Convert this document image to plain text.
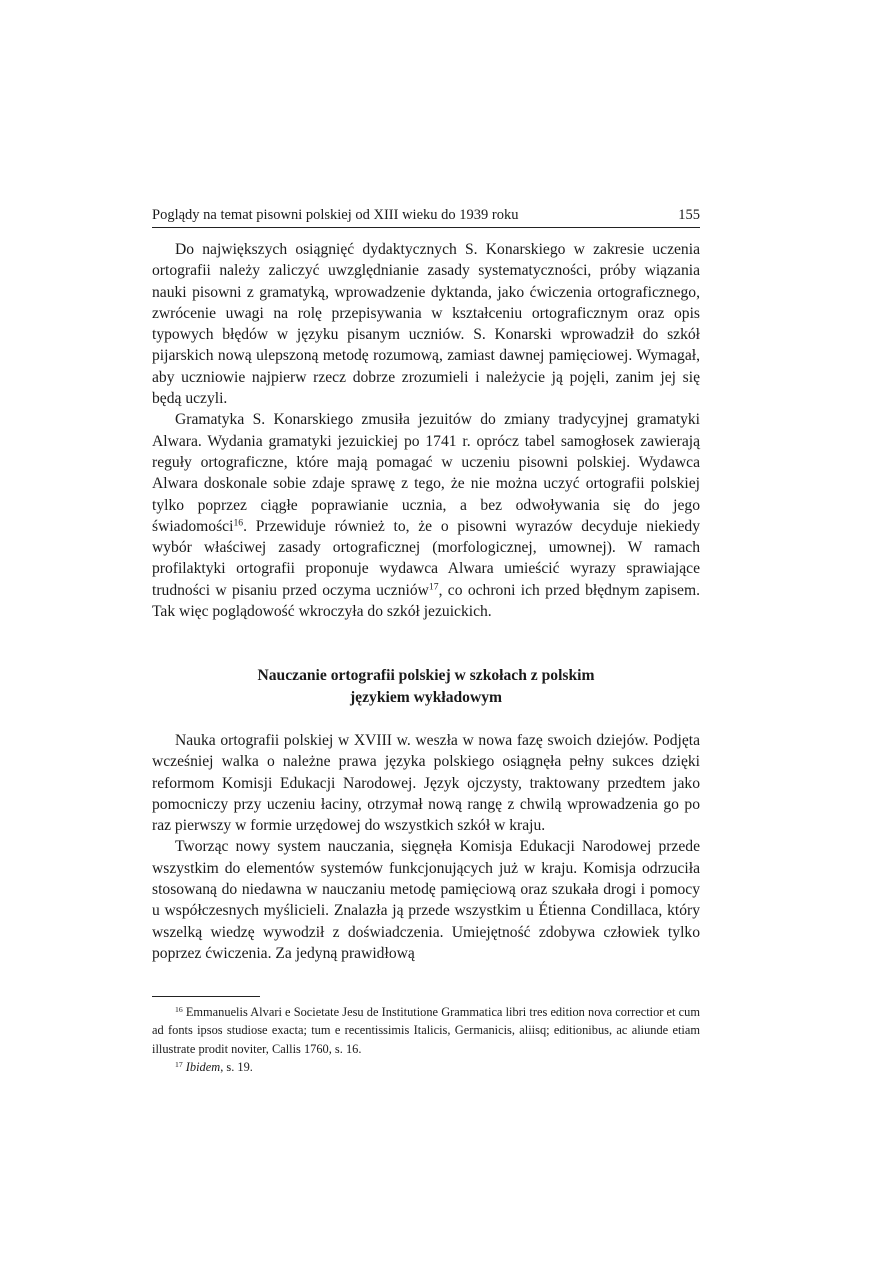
Poglądy na temat pisowni polskiej od XIII wieku do 1939 roku	155

Do największych osiągnięć dydaktycznych S. Konarskiego w zakresie uczenia ortografii należy zaliczyć uwzględnianie zasady systematyczności, próby wiązania nauki pisowni z gramatyką, wprowadzenie dyktanda, jako ćwiczenia ortograficznego, zwrócenie uwagi na rolę przepisywania w kształceniu ortograficznym oraz opis typowych błędów w języku pisanym uczniów. S. Konarski wprowadził do szkół pijarskich nową ulepszoną metodę rozumową, zamiast dawnej pamięciowej. Wymagał, aby uczniowie najpierw rzecz dobrze zrozumieli i należycie ją pojęli, zanim jej się będą uczyli.

Gramatyka S. Konarskiego zmusiła jezuitów do zmiany tradycyjnej gramatyki Alwara. Wydania gramatyki jezuickiej po 1741 r. oprócz tabel samogłosek zawierają reguły ortograficzne, które mają pomagać w uczeniu pisowni polskiej. Wydawca Alwara doskonale sobie zdaje sprawę z tego, że nie można uczyć ortografii polskiej tylko poprzez ciągłe poprawianie ucznia, a bez odwoływania się do jego świadomości$^{16}$. Przewiduje również to, że o pisowni wyrazów decyduje niekiedy wybór właściwej zasady ortograficznej (morfologicznej, umownej). W ramach profilaktyki ortografii proponuje wydawca Alwara umieścić wyrazy sprawiające trudności w pisaniu przed oczyma uczniów$^{17}$, co ochroni ich przed błędnym zapisem. Tak więc poglądowość wkroczyła do szkół jezuickich.

Nauczanie ortografii polskiej w szkołach z polskim
językiem wykładowym

Nauka ortografii polskiej w XVIII w. weszła w nowa fazę swoich dziejów. Podjęta wcześniej walka o należne prawa języka polskiego osiągnęła pełny sukces dzięki reformom Komisji Edukacji Narodowej. Język ojczysty, traktowany przedtem jako pomocniczy przy uczeniu łaciny, otrzymał nową rangę z chwilą wprowadzenia go po raz pierwszy w formie urzędowej do wszystkich szkół w kraju.

Tworząc nowy system nauczania, sięgnęła Komisja Edukacji Narodowej przede wszystkim do elementów systemów funkcjonujących już w kraju. Komisja odrzuciła stosowaną do niedawna w nauczaniu metodę pamięciową oraz szukała drogi i pomocy u współczesnych myślicieli. Znalazła ją przede wszystkim u Étienna Condillaca, który wszelką wiedzę wywodził z doświadczenia. Umiejętność zdobywa człowiek tylko poprzez ćwiczenia. Za jedyną prawidłową

$^{16}$ Emmanuelis Alvari e Societate Jesu de Institutione Grammatica libri tres edition nova correctior et cum ad fonts ipsos studiose exacta; tum e recentissimis Italicis, Germanicis, aliisq; editionibus, ac aliunde etiam illustrate prodit noviter, Callis 1760, s. 16.

$^{17}$ Ibidem, s. 19.
